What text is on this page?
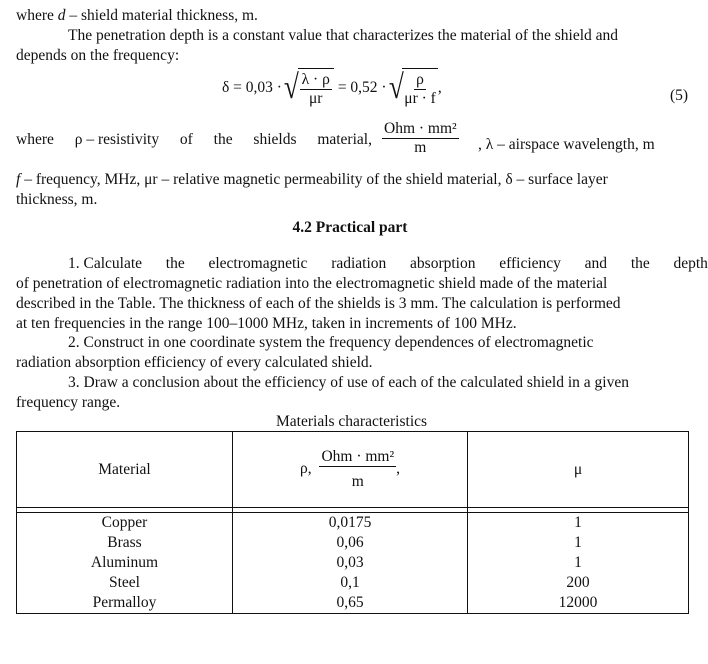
where d – shield material thickness, m.
The penetration depth is a constant value that characterizes the material of the shield and
depends on the frequency:
δ = 0,03 · √ $\frac{\lambda \cdot \rho}{\mu r} = 0,52$ · √ $\frac{\rho}{\mu r \cdot f}$ ,	(5)
where ρ – resistivity of the shields material, $\frac{\text{Ohm · mm²}}{m}$ , λ – airspace wavelength, m
f – frequency, MHz, μr – relative magnetic permeability of the shield material, δ – surface layer
thickness, m.
4.2 Practical part
1. Calculate the electromagnetic radiation absorption efficiency and the depth
of penetration of electromagnetic radiation into the electromagnetic shield made of the material
described in the Table. The thickness of each of the shields is 3 mm. The calculation is performed
at ten frequencies in the range 100–1000 MHz, taken in increments of 100 MHz.
2. Construct in one coordinate system the frequency dependences of electromagnetic
radiation absorption efficiency of every calculated shield.
3. Draw a conclusion about the efficiency of use of each of the calculated shield in a given
frequency range.
Materials characteristics
Material	ρ, $\frac{\text{Ohm · mm²}}{m}$ ,	μ

Copper	0,0175	1
Brass	0,06	1
Aluminum	0,03	1
Steel	0,1	200
Permalloy	0,65	12000
